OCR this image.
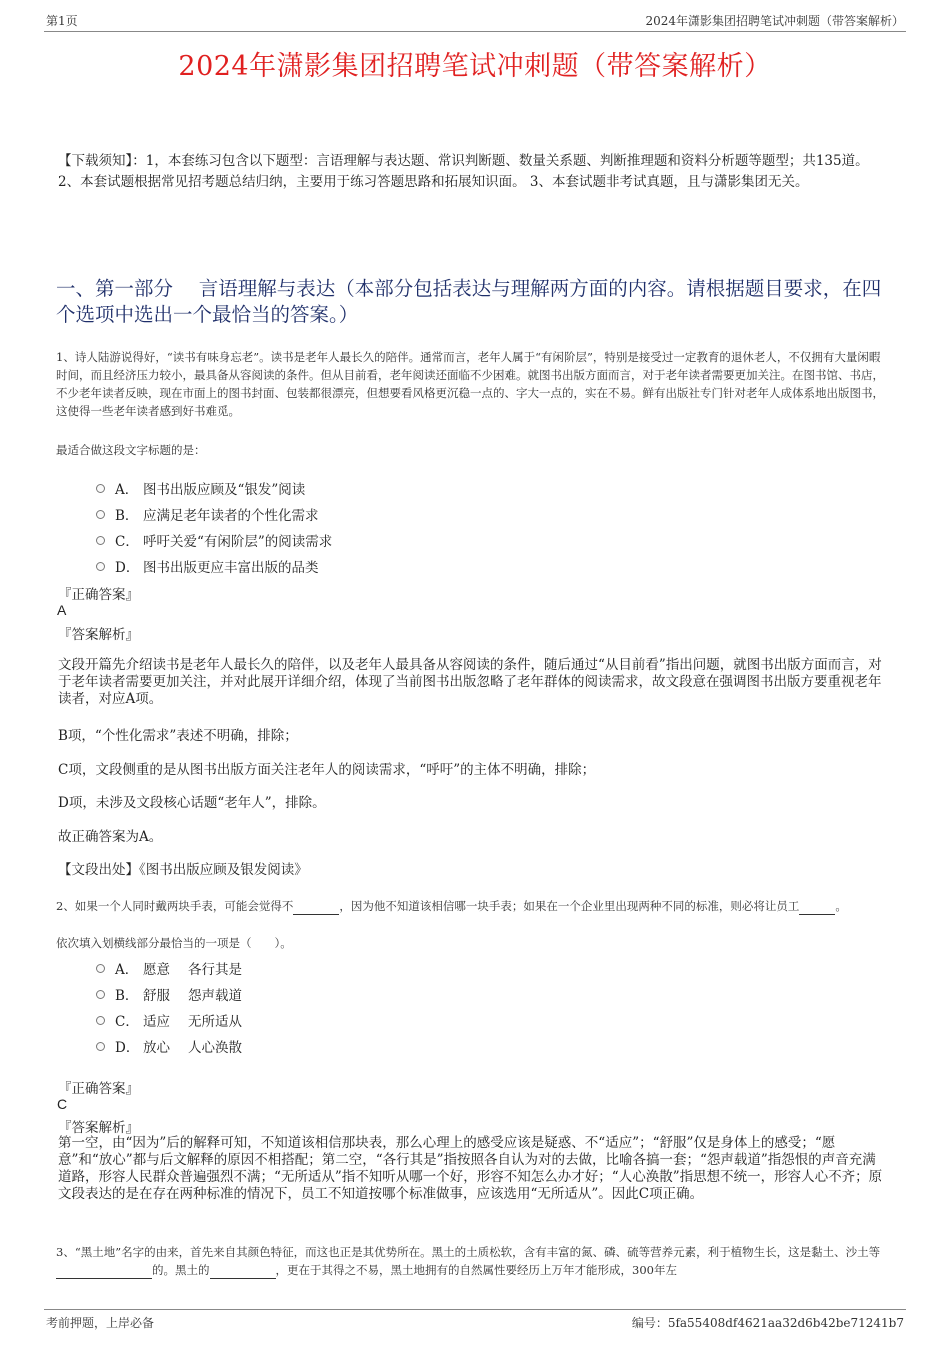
第1页	2024年潇影集团招聘笔试冲刺题（带答案解析）
2024年潇影集团招聘笔试冲刺题（带答案解析）
【下载须知】：1，本套练习包含以下题型：言语理解与表达题、常识判断题、数量关系题、判断推理题和资料分析题等题型；共135道。 2、本套试题根据常见招考题总结归纳，主要用于练习答题思路和拓展知识面。 3、本套试题非考试真题，且与潇影集团无关。
一、第一部分　 言语理解与表达（本部分包括表达与理解两方面的内容。请根据题目要求，在四个选项中选出一个最恰当的答案。）
1、诗人陆游说得好，“读书有味身忘老”。读书是老年人最长久的陪伴。通常而言，老年人属于“有闲阶层”，特别是接受过一定教育的退休老人，不仅拥有大量闲暇时间，而且经济压力较小，最具备从容阅读的条件。但从目前看，老年阅读还面临不少困难。就图书出版方面而言，对于老年读者需要更加关注。在图书馆、书店，不少老年读者反映，现在市面上的图书封面、包装都很漂亮，但想要看风格更沉稳一点的、字大一点的，实在不易。鲜有出版社专门针对老年人成体系地出版图书，这使得一些老年读者感到好书难觅。
最适合做这段文字标题的是：
A． 图书出版应顾及“银发”阅读
B． 应满足老年读者的个性化需求
C． 呼吁关爱“有闲阶层”的阅读需求
D． 图书出版更应丰富出版的品类
『正确答案』
A
『答案解析』
文段开篇先介绍读书是老年人最长久的陪伴，以及老年人最具备从容阅读的条件，随后通过“从目前看”指出问题，就图书出版方面而言，对于老年读者需要更加关注，并对此展开详细介绍，体现了当前图书出版忽略了老年群体的阅读需求，故文段意在强调图书出版方要重视老年读者，对应A项。
B项，“个性化需求”表述不明确，排除；
C项，文段侧重的是从图书出版方面关注老年人的阅读需求，“呼吁”的主体不明确，排除；
D项，未涉及文段核心话题“老年人”，排除。
故正确答案为A。
【文段出处】《图书出版应顾及银发阅读》
2、如果一个人同时戴两块手表，可能会觉得不	，因为他不知道该相信哪一块手表；如果在一个企业里出现两种不同的标准，则必将让员工	。
依次填入划横线部分最恰当的一项是（　　）。
A． 愿意 各行其是
B． 舒服 怨声载道
C． 适应 无所适从
D． 放心 人心涣散
『正确答案』
C
『答案解析』
第一空，由“因为”后的解释可知，不知道该相信那块表，那么心理上的感受应该是疑惑、不“适应”；“舒服”仅是身体上的感受；“愿意”和“放心”都与后文解释的原因不相搭配；第二空，“各行其是”指按照各自认为对的去做，比喻各搞一套；“怨声载道”指怨恨的声音充满道路，形容人民群众普遍强烈不满；“无所适从”指不知听从哪一个好，形容不知怎么办才好；“人心涣散”指思想不统一，形容人心不齐；原文段表达的是在存在两种标准的情况下，员工不知道按哪个标准做事，应该选用“无所适从”。因此C项正确。
3、“黑土地”名字的由来，首先来自其颜色特征，而这也正是其优势所在。黑土的土质松软，含有丰富的氮、磷、硫等营养元素，利于植物生长，这是黏土、沙土等的。黑土的	，更在于其得之不易，黑土地拥有的自然属性要经历上万年才能形成，300年左
考前押题，上岸必备	编号：5fa55408df4621aa32d6b42be71241b7
